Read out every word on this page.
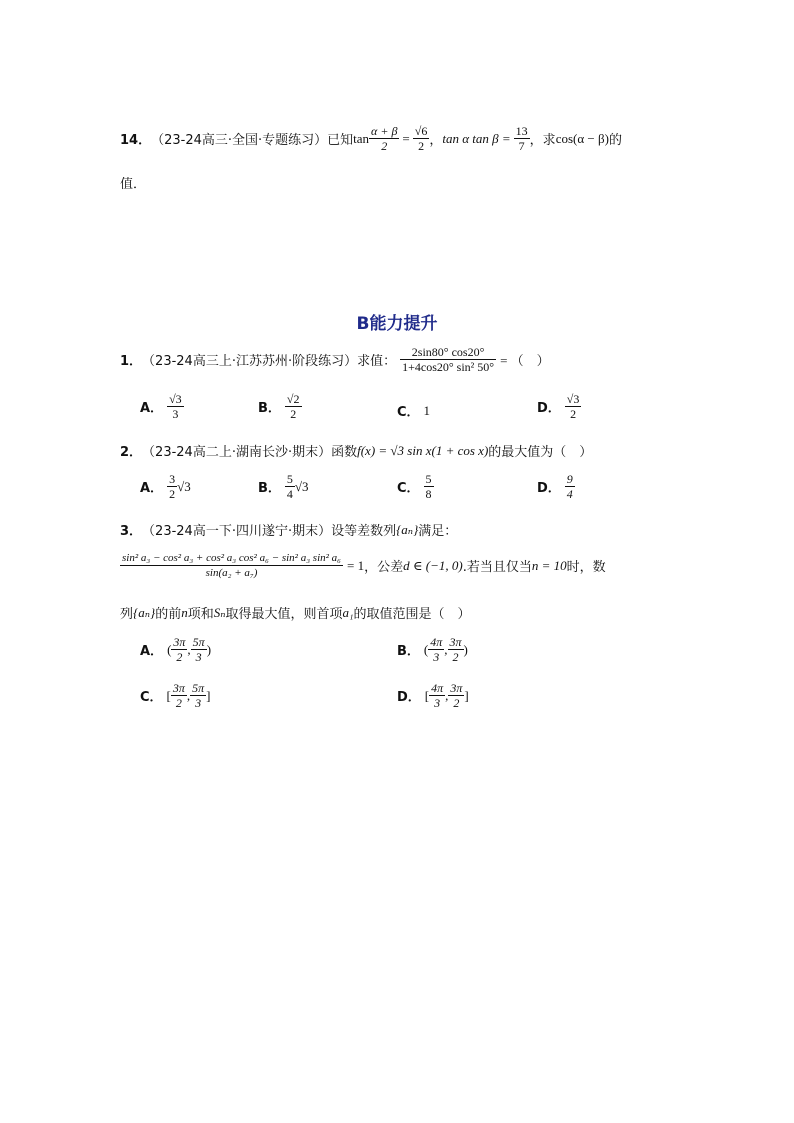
14． （23-24高三·全国·专题练习） 已知 $\tan \frac{\alpha + \beta}{2} = \frac{√6}{2}$ ， tan α $\tan \beta = \frac{13}{7}$ ，求 cos(α − β) 的
值．
B能力提升
1． （23-24高三上·江苏苏州·阶段练习） 求值： $\frac{2\sin 80^\circ \cos 20^\circ}{\text{1+4cos20° sin² 50°}}$ = （　）
A． $\frac{√3}{3}$	B． $\frac{√2}{2}$	C． 1	D． $\frac{√3}{2}$
2． （23-24高二上·湖南长沙·期末） 函数 f(x) = √3 sin x(1 + cos x) 的最大值为（　）
A． $\frac{3}{2} √3$	B． $\frac{5}{4} √3$	C． $\frac{5}{8}$	D． $\frac{9}{4}$
3． （23-24高一下·四川遂宁·期末） 设等差数列 {aₙ} 满足：
$\frac{\text{sin² a₃ − cos² a₃ + cos² a₃ cos² a₆ − sin² a₃ sin² a₆}}{\text{sin(a₂ + a₇)}} = 1$ ，公差 d ∈ (−1, 0) .若当且仅当 n = 10 时，数
列 {aₙ} 的前 n 项和 Sₙ 取得最大值，则首项 a₁ 的取值范围是（　）
A． ( $\frac{3\pi}{2}$ , $\frac{5\pi}{3}$ )	B． ( $\frac{4\pi}{3}$ , $\frac{3\pi}{2}$ )
C． [ $\frac{3\pi}{2}$ , $\frac{5\pi}{3}$ ]	D． [ $\frac{4\pi}{3}$ , $\frac{3\pi}{2}$ ]
